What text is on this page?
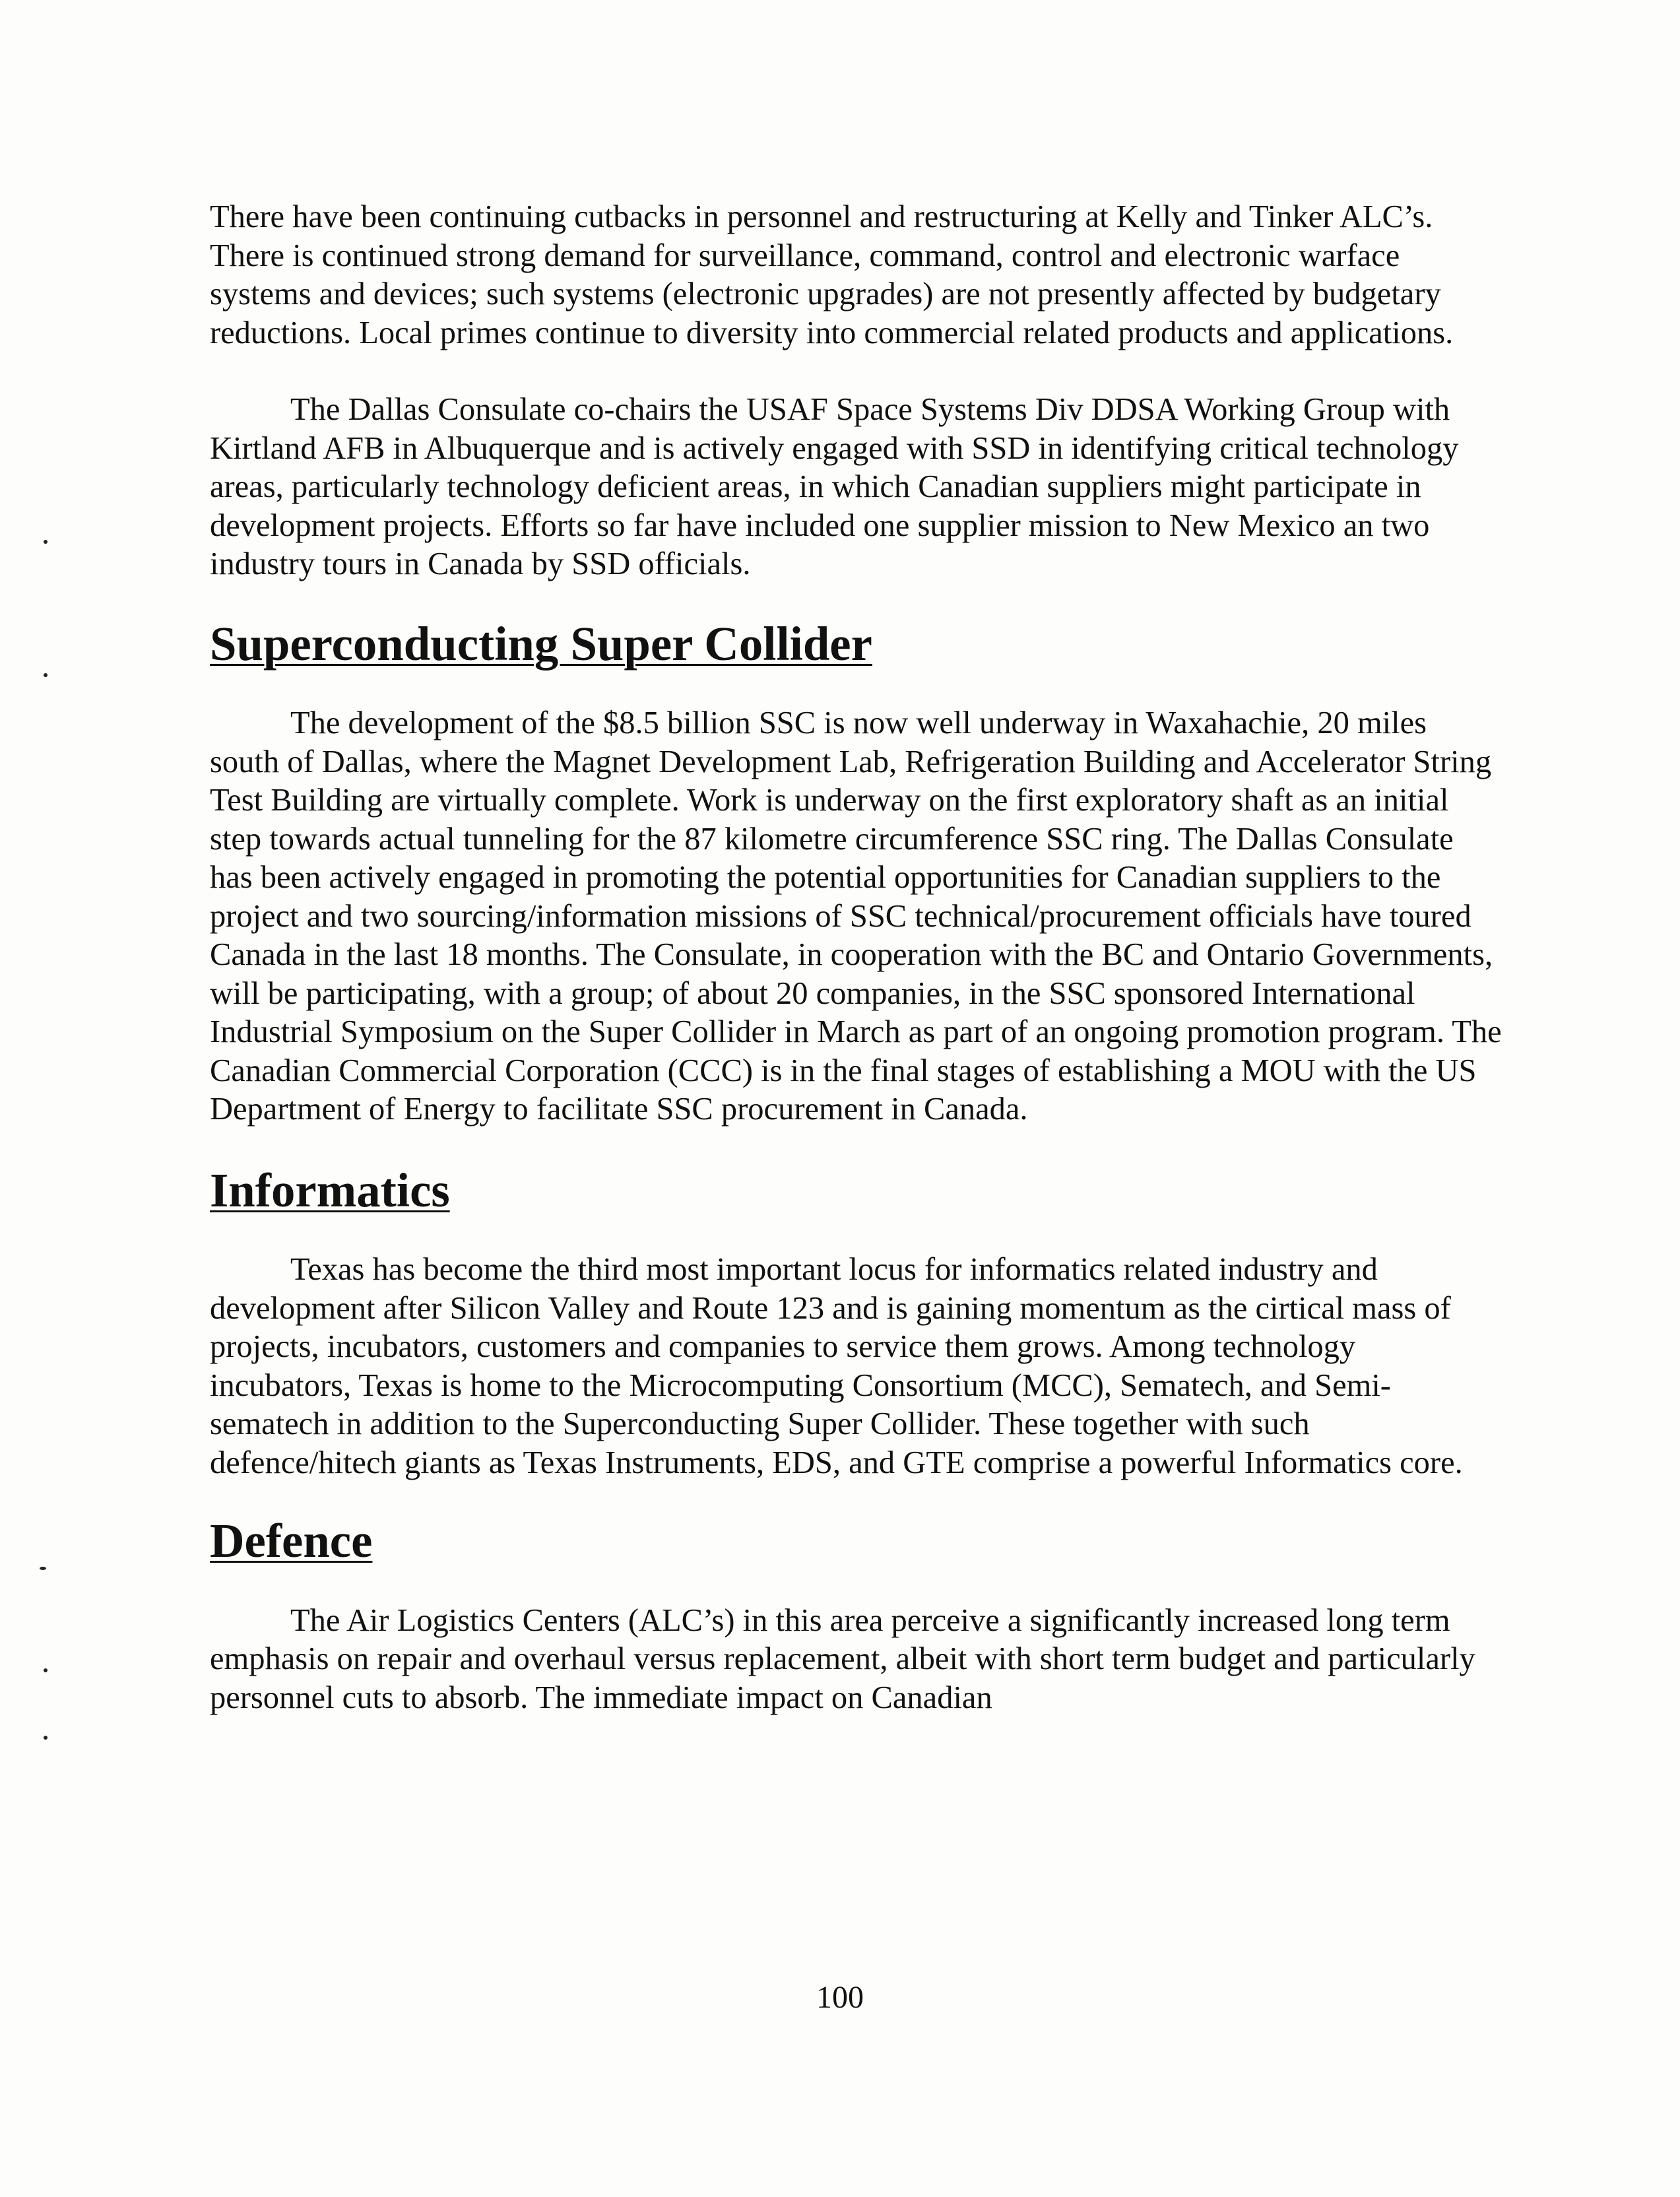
There have been continuing cutbacks in personnel and restructuring at Kelly and Tinker ALC’s. There is continued strong demand for surveillance, command, control and electronic warface systems and devices; such systems (electronic upgrades) are not presently affected by budgetary reductions. Local primes continue to diversity into commercial related products and applications.

The Dallas Consulate co-chairs the USAF Space Systems Div DDSA Working Group with Kirtland AFB in Albuquerque and is actively engaged with SSD in identifying critical technology areas, particularly technology deficient areas, in which Canadian suppliers might participate in development projects. Efforts so far have included one supplier mission to New Mexico an two industry tours in Canada by SSD officials.

Superconducting Super Collider

The development of the $8.5 billion SSC is now well underway in Waxahachie, 20 miles south of Dallas, where the Magnet Development Lab, Refrigeration Building and Accelerator String Test Building are virtually complete. Work is underway on the first exploratory shaft as an initial step towards actual tunneling for the 87 kilometre circumference SSC ring. The Dallas Consulate has been actively engaged in promoting the potential opportunities for Canadian suppliers to the project and two sourcing/information missions of SSC technical/procurement officials have toured Canada in the last 18 months. The Consulate, in cooperation with the BC and Ontario Governments, will be participating, with a group; of about 20 companies, in the SSC sponsored International Industrial Symposium on the Super Collider in March as part of an ongoing promotion program. The Canadian Commercial Corporation (CCC) is in the final stages of establishing a MOU with the US Department of Energy to facilitate SSC procurement in Canada.

Informatics

Texas has become the third most important locus for informatics related industry and development after Silicon Valley and Route 123 and is gaining momentum as the cirtical mass of projects, incubators, customers and companies to service them grows. Among technology incubators, Texas is home to the Microcomputing Consortium (MCC), Sematech, and Semi-sematech in addition to the Superconducting Super Collider. These together with such defence/hitech giants as Texas Instruments, EDS, and GTE comprise a powerful Informatics core.

Defence

The Air Logistics Centers (ALC’s) in this area perceive a significantly increased long term emphasis on repair and overhaul versus replacement, albeit with short term budget and particularly personnel cuts to absorb. The immediate impact on Canadian

100
